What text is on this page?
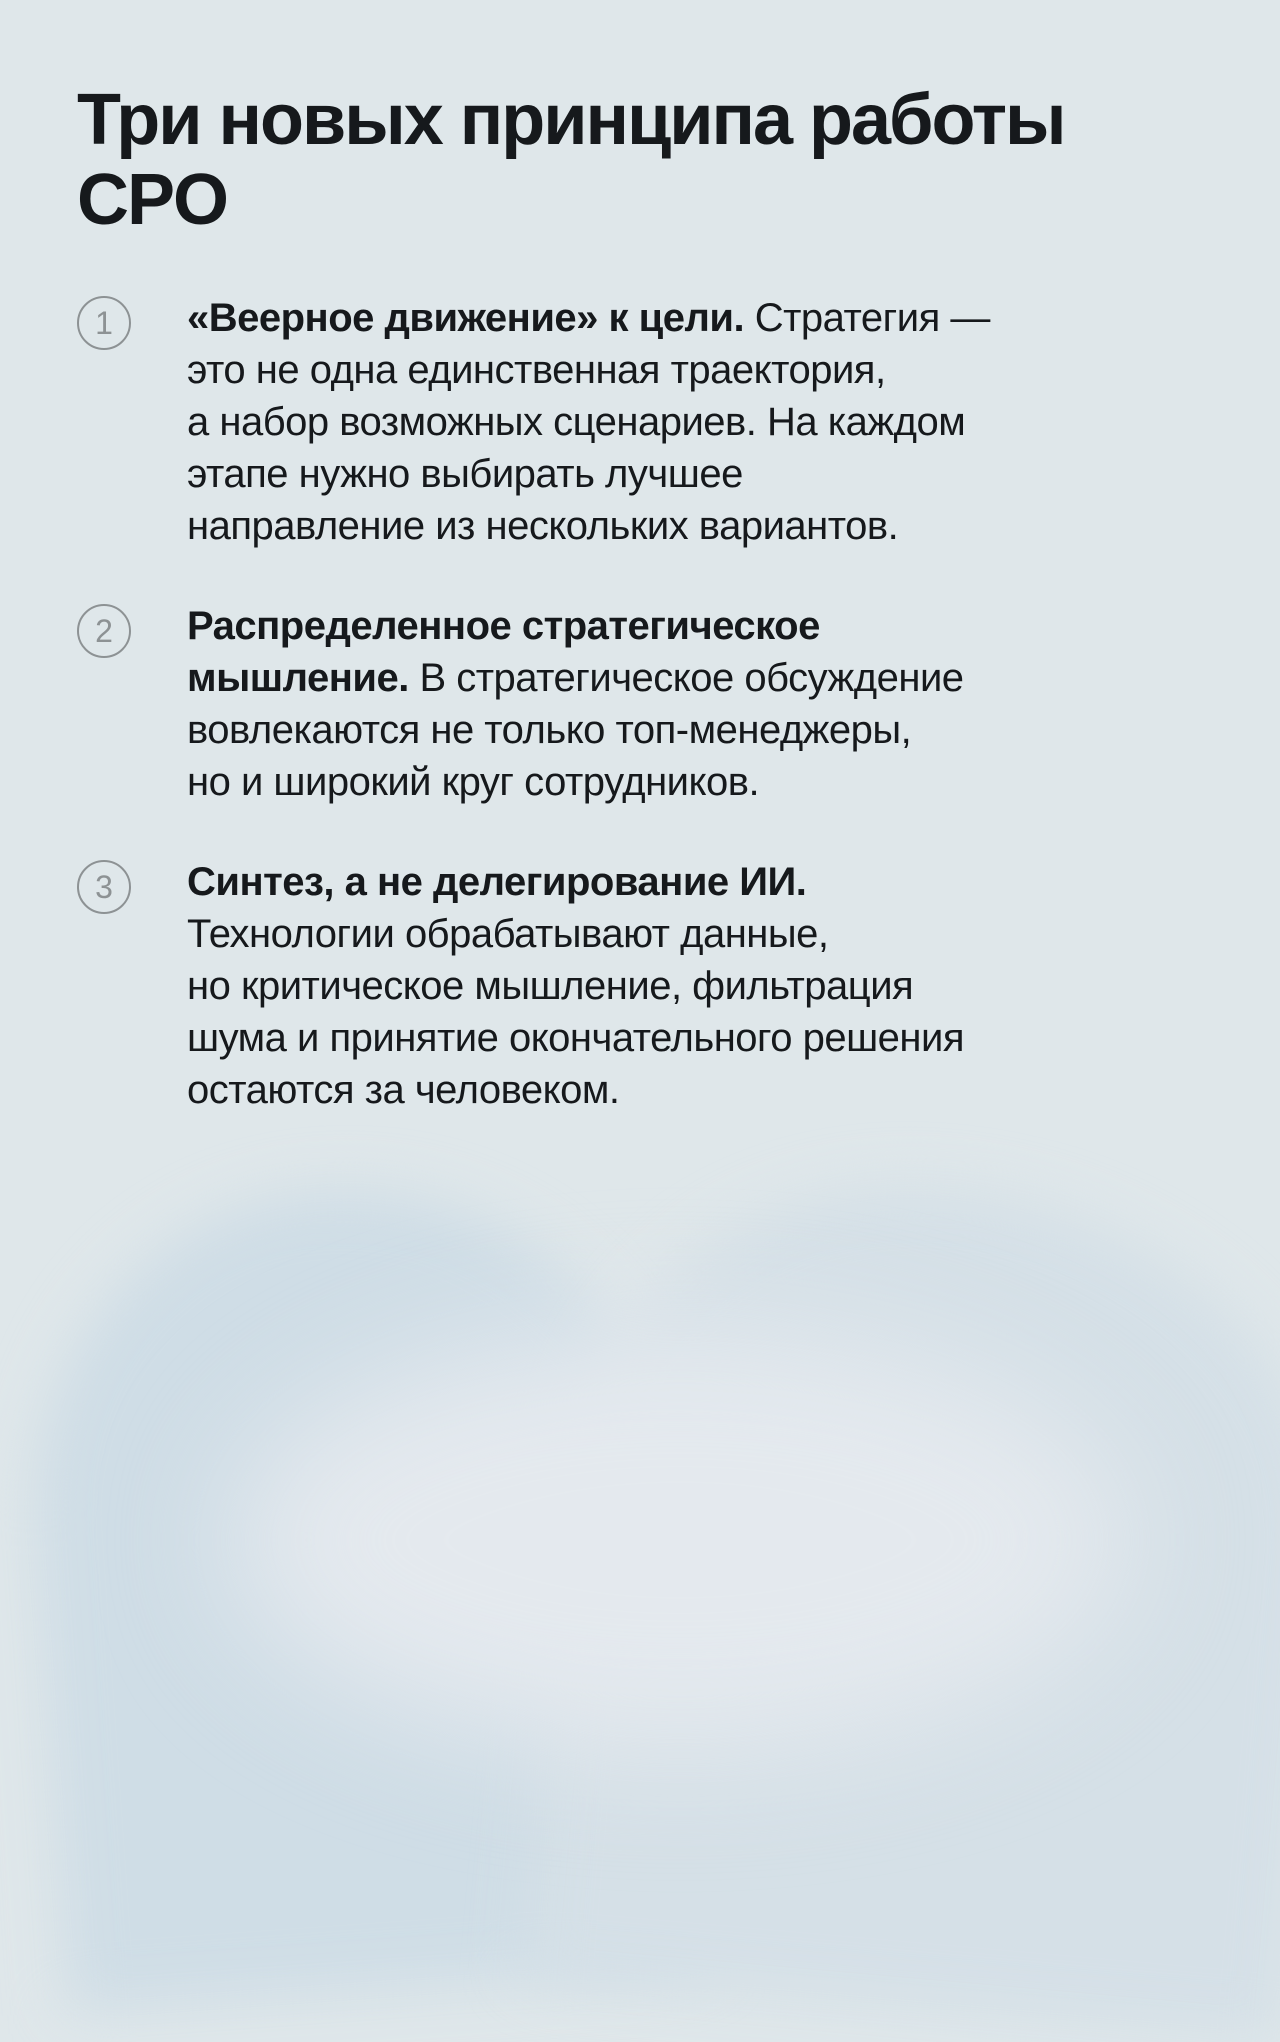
Три новых принципа работы
CPO
1	«Веерное движение» к цели. Стратегия —
это не одна единственная траектория,
а набор возможных сценариев. На каждом
этапе нужно выбирать лучшее
направление из нескольких вариантов.
2	Распределенное стратегическое
мышление. В стратегическое обсуждение
вовлекаются не только топ-менеджеры,
но и широкий круг сотрудников.
3	Синтез, а не делегирование ИИ.
Технологии обрабатывают данные,
но критическое мышление, фильтрация
шума и принятие окончательного решения
остаются за человеком.
